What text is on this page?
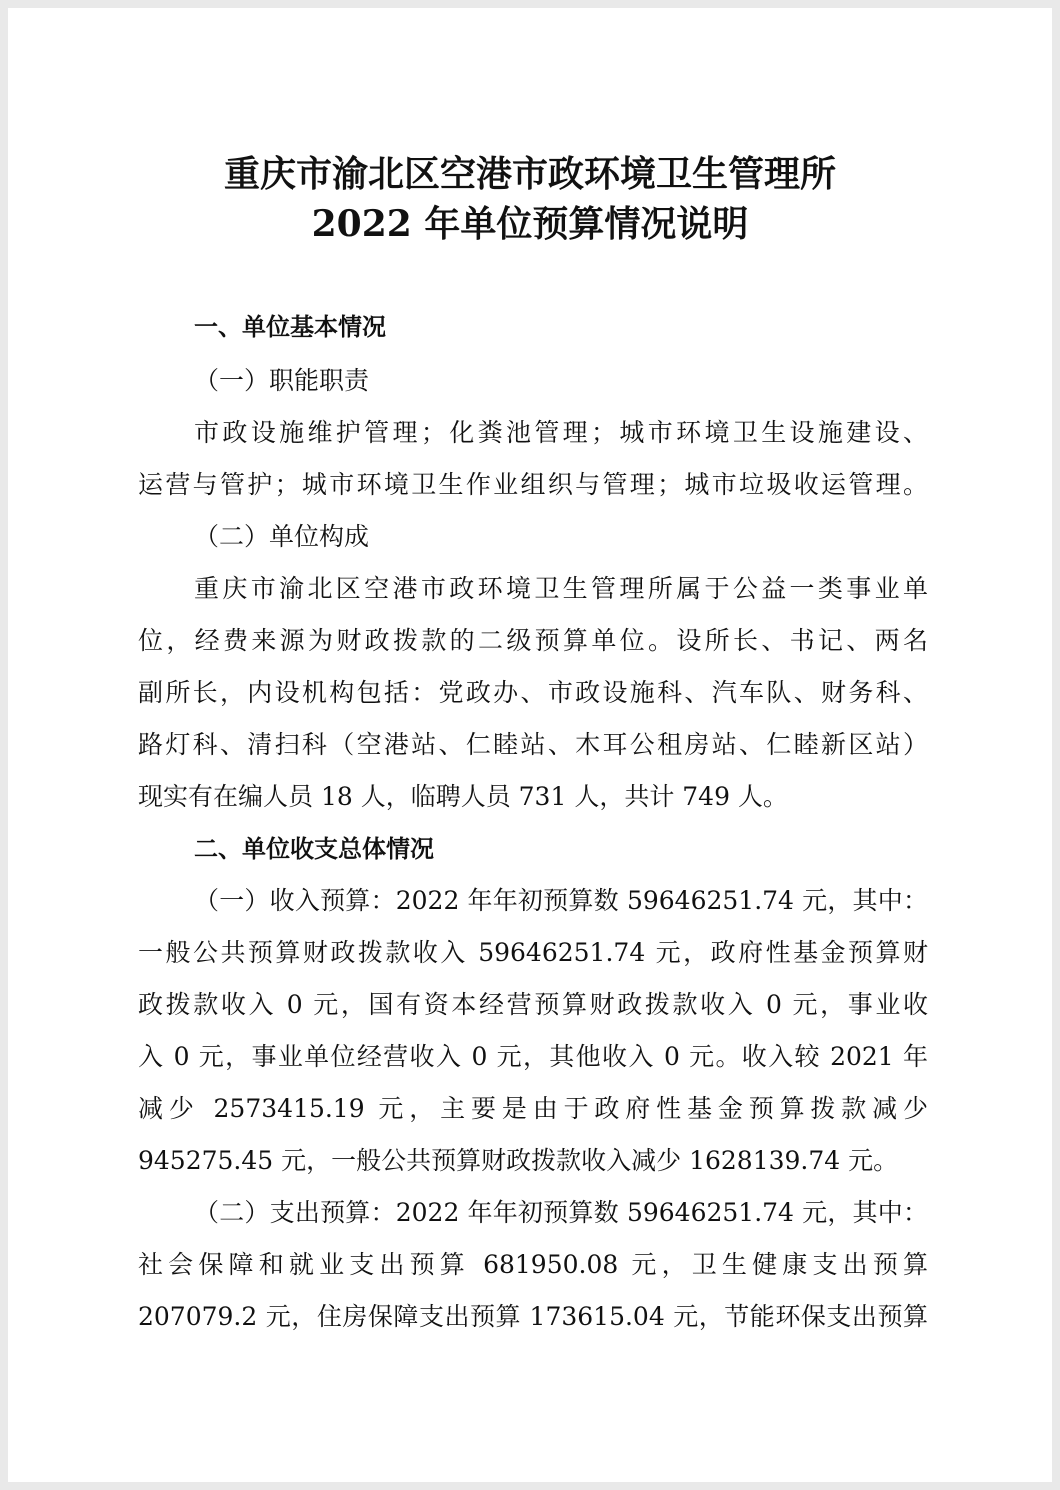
重庆市渝北区空港市政环境卫生管理所
2022 年单位预算情况说明
一、单位基本情况
（一）职能职责
市政设施维护管理；化粪池管理；城市环境卫生设施建设、
运营与管护；城市环境卫生作业组织与管理；城市垃圾收运管理。
（二）单位构成
重庆市渝北区空港市政环境卫生管理所属于公益一类事业单
位，经费来源为财政拨款的二级预算单位。设所长、书记、两名
副所长，内设机构包括：党政办、市政设施科、汽车队、财务科、
路灯科、清扫科（空港站、仁睦站、木耳公租房站、仁睦新区站）
现实有在编人员 18 人，临聘人员 731 人，共计 749 人。
二、单位收支总体情况
（一）收入预算：2022 年年初预算数 59646251.74 元，其中：
一般公共预算财政拨款收入 59646251.74 元，政府性基金预算财
政拨款收入 0 元，国有资本经营预算财政拨款收入 0 元，事业收
入 0 元，事业单位经营收入 0 元，其他收入 0 元。收入较 2021 年
减少 2573415.19 元，主要是由于政府性基金预算拨款减少
945275.45 元，一般公共预算财政拨款收入减少 1628139.74 元。
（二）支出预算：2022 年年初预算数 59646251.74 元，其中：
社会保障和就业支出预算 681950.08 元，卫生健康支出预算
207079.2 元，住房保障支出预算 173615.04 元，节能环保支出预算
